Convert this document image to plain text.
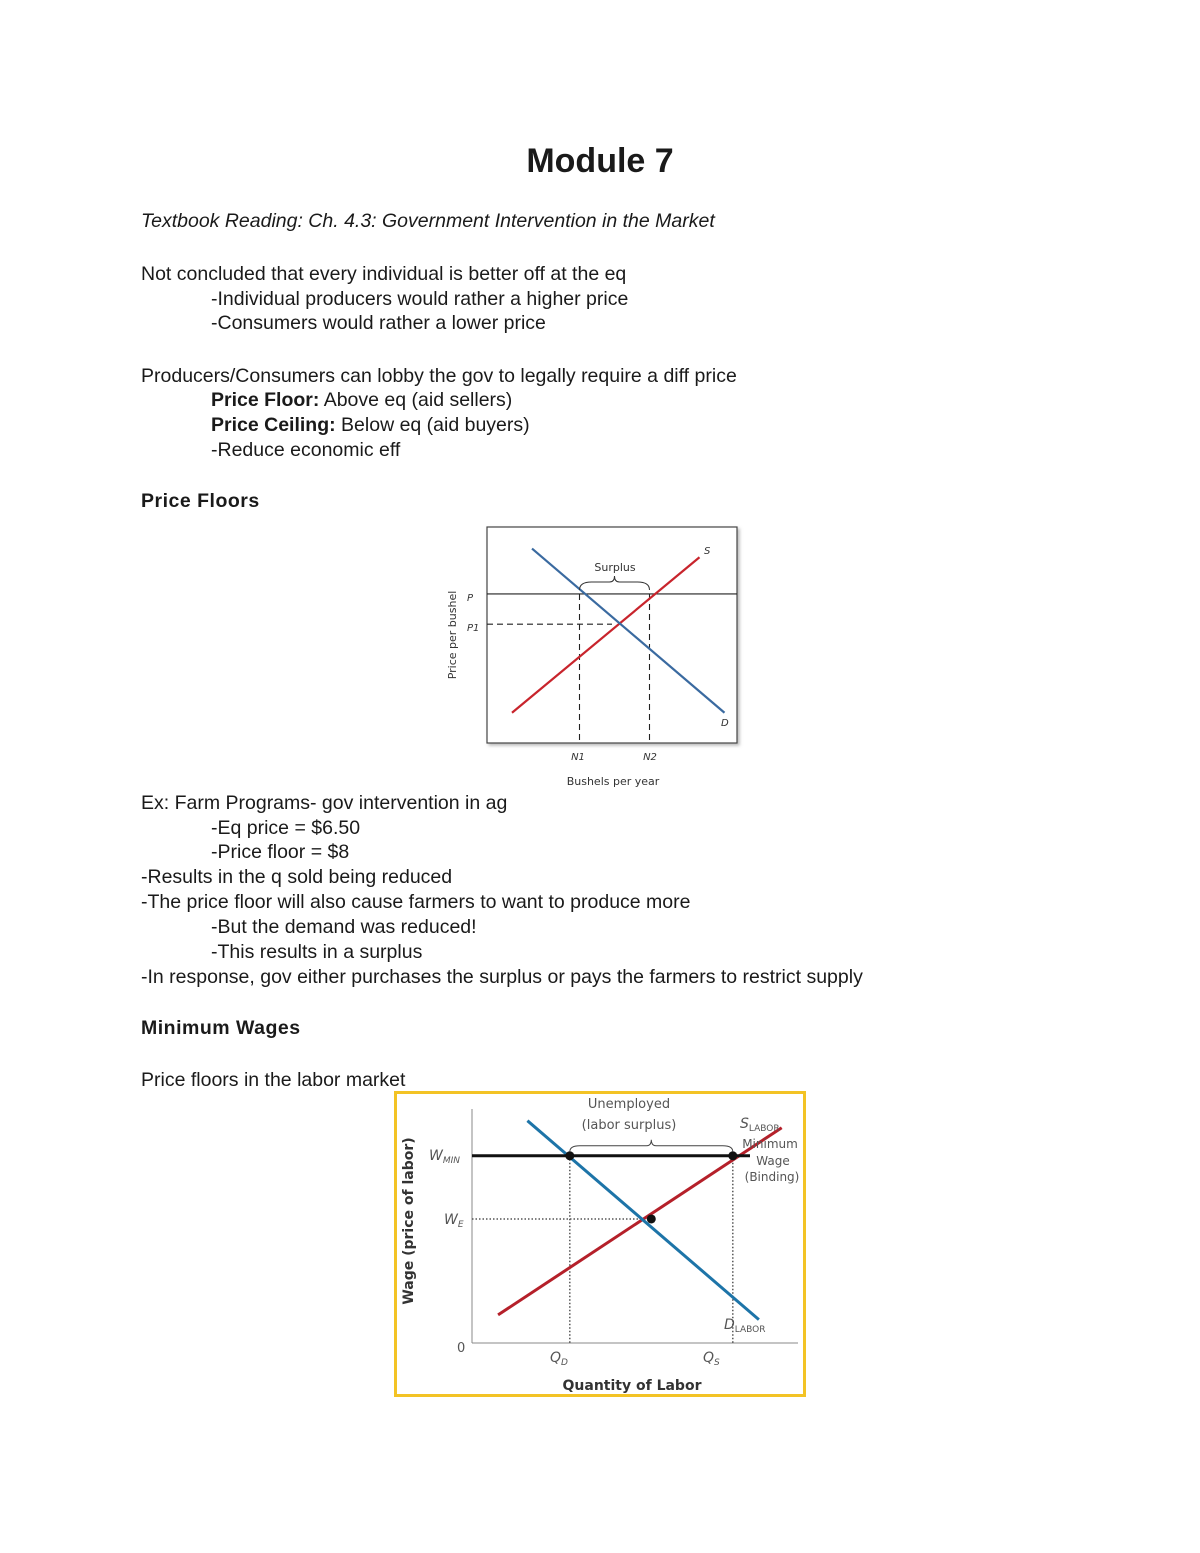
Module 7
Textbook Reading: Ch. 4.3: Government Intervention in the Market
Not concluded that every individual is better off at the eq
-Individual producers would rather a higher price
-Consumers would rather a lower price
Producers/Consumers can lobby the gov to legally require a diff price
Price Floor: Above eq (aid sellers)
Price Ceiling: Below eq (aid buyers)
-Reduce economic eff
Price Floors
Surplus
S
D
P
P1
N1	N2
Bushels per year
Price per bushel
Ex: Farm Programs- gov intervention in ag
-Eq price = $6.50
-Price floor = $8
-Results in the q sold being reduced
-The price floor will also cause farmers to want to produce more
-But the demand was reduced!
-This results in a surplus
-In response, gov either purchases the surplus or pays the farmers to restrict supply
Minimum Wages
Price floors in the labor market
Unemployed
(labor surplus)	$S_{LABOR}$
Minimum
Wage
(Binding)
$D_{LABOR}$
$W_{MIN}$
$W_E$
0
$Q_D$	$Q_S$
Quantity of Labor
Wage (price of labor)
